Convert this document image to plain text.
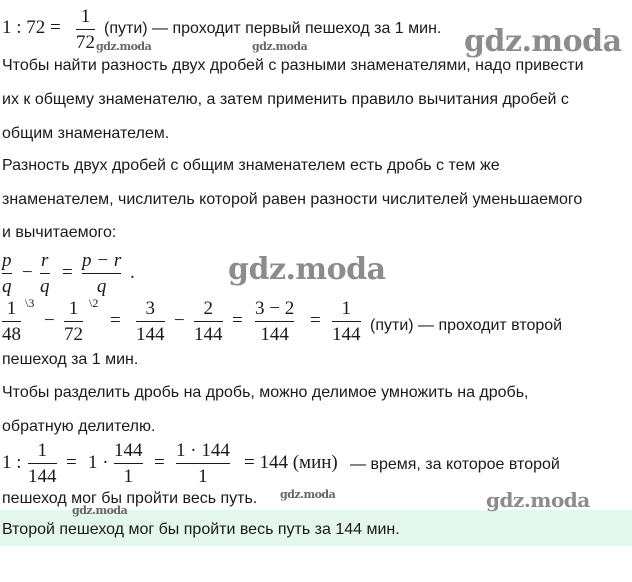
1 : 72 =
1
72
(пути) — проходит первый пешеход за 1 мин.
Чтобы найти разность двух дробей с разными знаменателями, надо привести
их к общему знаменателю, а затем применить правило вычитания дробей с
общим знаменателем.
Разность двух дробей с общим знаменателем есть дробь с тем же
знаменателем, числитель которой равен разности числителей уменьшаемого
и вычитаемого:
p
q
−
r
q
=
p − r
q
.
1
48
\3
−
1
72
\2
=
3
144
−
2
144
=
3 − 2
144
=
1
144 (пути) — проходит второй
пешеход за 1 мин.
Чтобы разделить дробь на дробь, можно делимое умножить на дробь,
обратную делителю.
1 :
1
144
= 1 ·
144
1
=
1 · 144
1
= 144 (мин) — время, за которое второй
пешеход мог бы пройти весь путь.
Второй пешеход мог бы пройти весь путь за 144 мин.
gdz.moda
gdz.moda	gdz.moda
gdz.moda
gdz.moda
gdz.moda	gdz.moda
